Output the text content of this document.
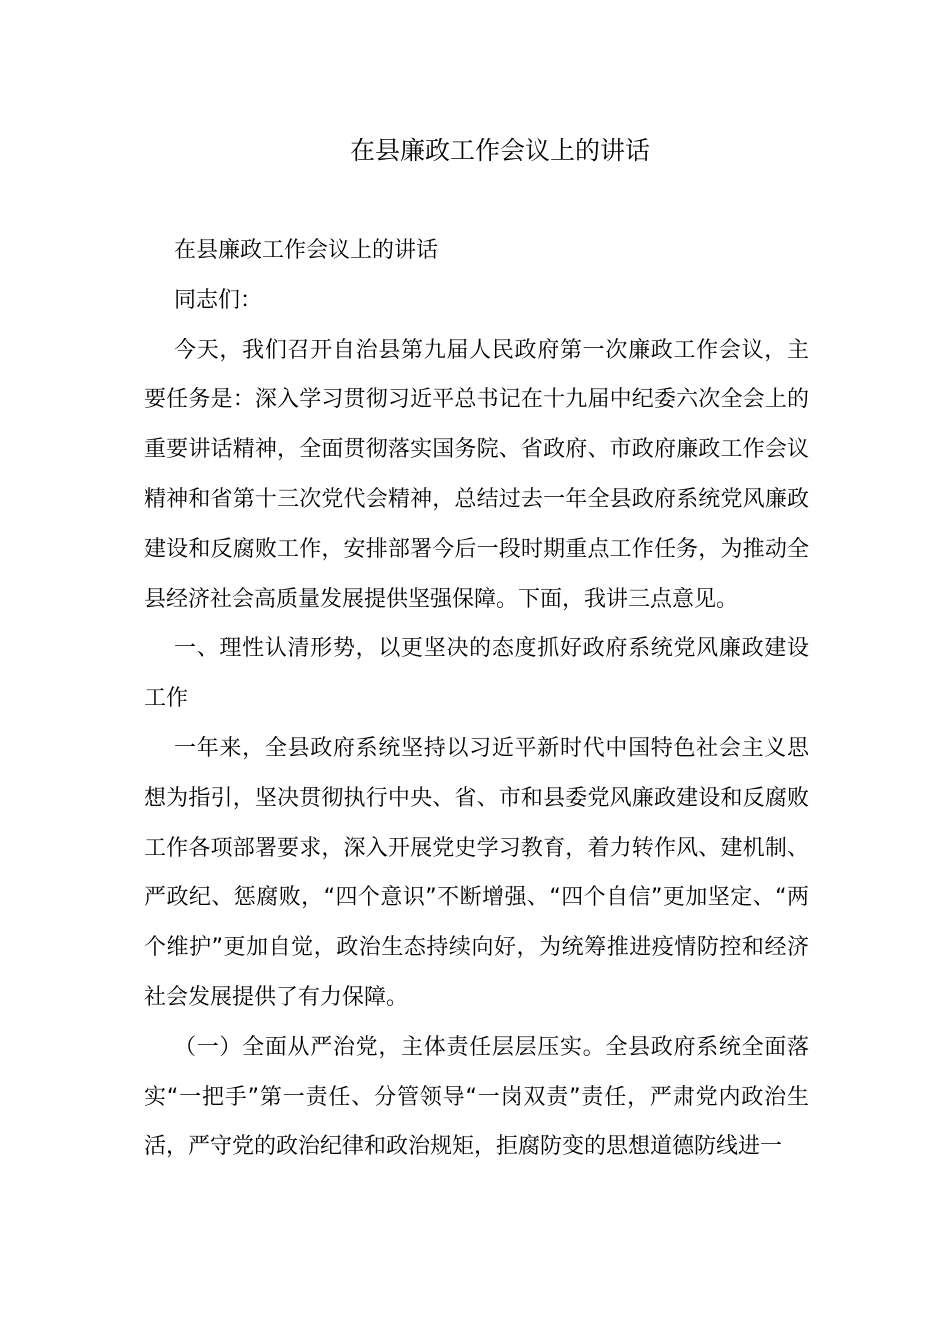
在县廉政工作会议上的讲话

在县廉政工作会议上的讲话

同志们：

今天，我们召开自治县第九届人民政府第一次廉政工作会议，主要任务是：深入学习贯彻习近平总书记在十九届中纪委六次全会上的重要讲话精神，全面贯彻落实国务院、省政府、市政府廉政工作会议精神和省第十三次党代会精神，总结过去一年全县政府系统党风廉政建设和反腐败工作，安排部署今后一段时期重点工作任务，为推动全县经济社会高质量发展提供坚强保障。下面，我讲三点意见。

一、理性认清形势，以更坚决的态度抓好政府系统党风廉政建设工作

一年来，全县政府系统坚持以习近平新时代中国特色社会主义思想为指引，坚决贯彻执行中央、省、市和县委党风廉政建设和反腐败工作各项部署要求，深入开展党史学习教育，着力转作风、建机制、严政纪、惩腐败，“四个意识”不断增强、“四个自信”更加坚定、“两个维护”更加自觉，政治生态持续向好，为统筹推进疫情防控和经济社会发展提供了有力保障。

（一）全面从严治党，主体责任层层压实。全县政府系统全面落实“一把手”第一责任、分管领导“一岗双责”责任，严肃党内政治生活，严守党的政治纪律和政治规矩，拒腐防变的思想道德防线进一
